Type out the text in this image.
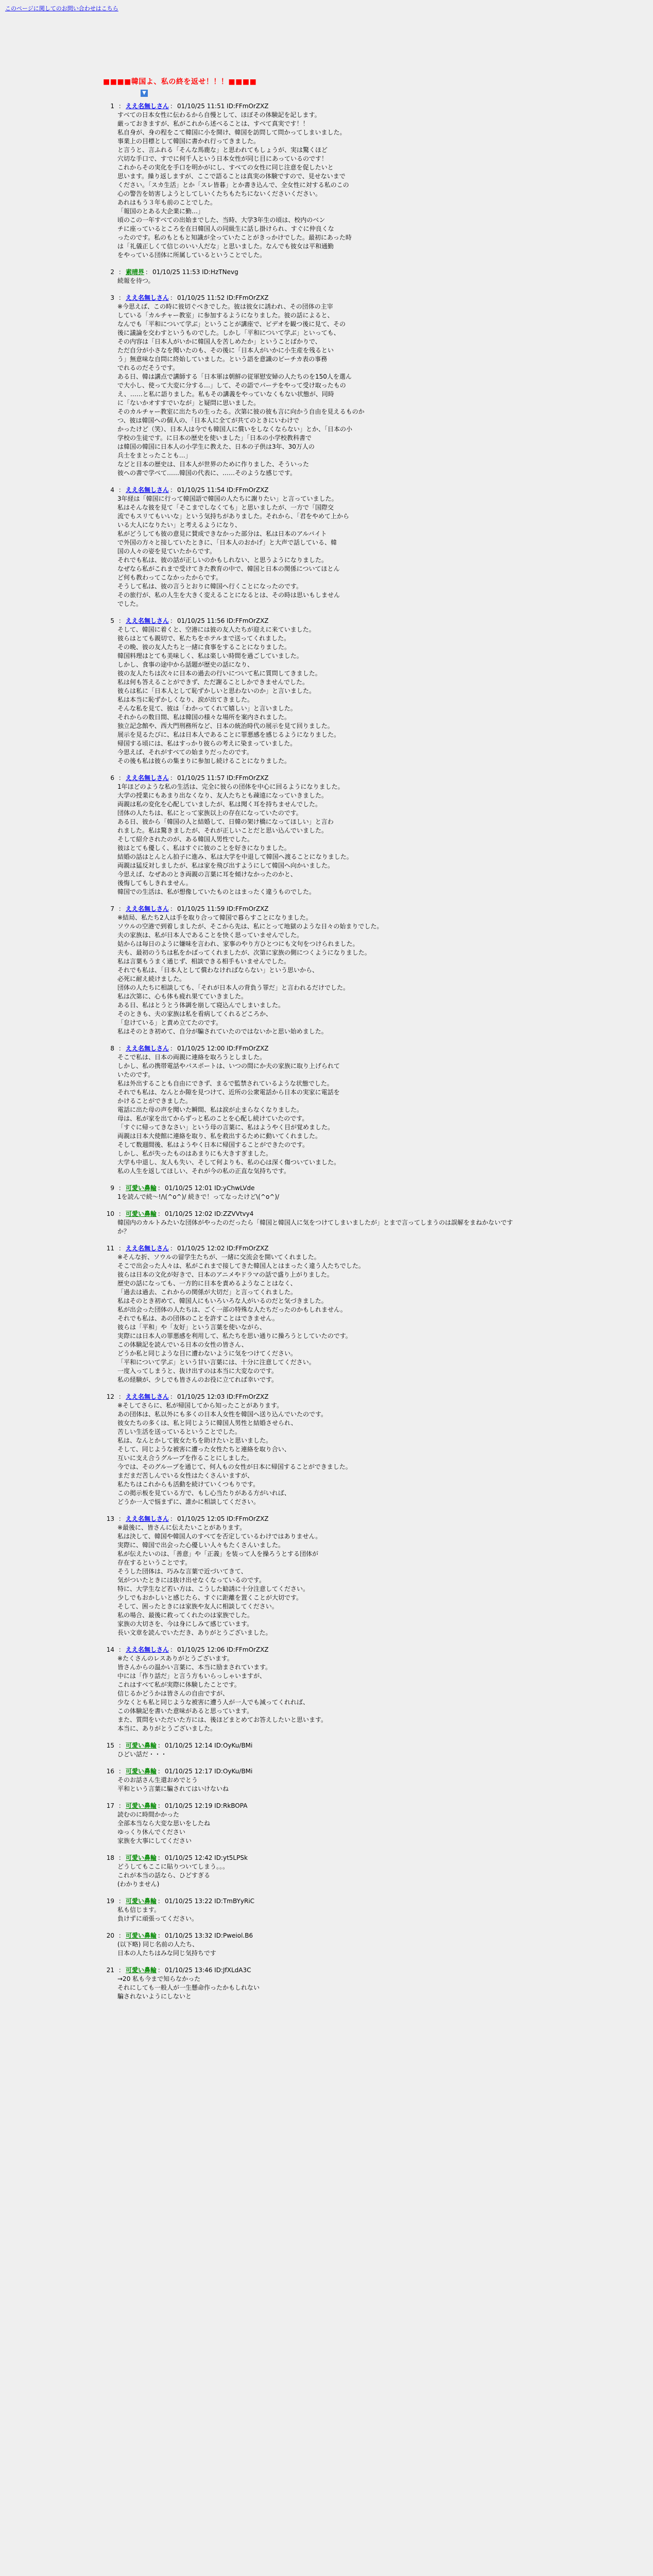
このページに関してのお問い合わせはこちら
■■■■韓国よ、私の終を返せ！！！■■■■
▼
1 ： ええ名無しさん ： 01/10/25 11:51 ID:FFmOrZXZ
すべての日本女性に伝わるから自慢として、ほぼその体験記を記します。
厳っておきますが、私がこれから述べることは、すべて真実です！！
私自身が、身の程をこて韓国に小を開け、韓国を訪問して問かってしまいました。
事業上の目標として韓国に書かれ行ってきました。
と言うと、言ふれる「そんな馬鹿な」と思われてもしょうが、実は驚くほど
穴切な手口で、すでに何千人という日本女性が同じ目にあっているのです！
これからその実化を手口を明かがにし、すべての女性に同じ注意を促したいと
思います。繰り返しますが、ここで語ることは真実の体験ですので、見せないまで
ください。「スカ生活」とか「スレ皆暮」とか書き込んで、全女性に対する私のこの
心の警告を妨害しようとしてしいくたちもたちにないくださいください。
あれはもう３年も前のことでした。
「報国のとある大企業に勤…」
頃のこの一年すべての出始までした、当時、大学3年生の頃は、校内のベン
チに座っているところを在日韓国人の同級生に話し掛けられ、すぐに仲良くな
ったのです。私のもともと知識が全っていたことがきっかけでした。最初にあった時
は「礼儀正しくて信じのいい人だな」と思いました。なんでも彼女は平和通勤
をやっている団体に所属しているということでした。
2 ： 素晴界 ： 01/10/25 11:53 ID:HzTNevg
続報を待つ。
3 ： ええ名無しさん ： 01/10/25 11:52 ID:FFmOrZXZ
※今思えば、この時に彼切ぐべきでした。彼は彼女に誘われ、その団体の主宰
している「カルチャー教室」に参加するようになりました。彼の話によると、
なんでも「平和について学ぶ」ということが講座で、ビデオを観つ後に見て、その
後に議論を交わすというものでした。しかし「平和について学ぶ」といっても、
その内容は「日本人がいかに韓国人を苦しめたか」ということばかりで、
ただ自分が小さなを聞いたのも、その後に「日本人がいかに小生産を残るとい
う」無意味な自問に終始していました。という語を意識のピーチカ表の事務
でれるのだそうです。
ある日、韓は講点で講師する「日本軍は朝鮮の従軍慰安婦の人たちのを150人を選ん
で大小し、使って大変に分する…」して、その語でパーテをやって受け取ったもの
え、……と私に語りました。私もその講義をやっていなくもない状態が、同時
に「ないかオすすでいなが」と疑問に思いました。
そのカルチャー教室に出たちの生ったる。次第に彼の彼も言に向かう自由を見えるものか
つ、彼は韓国への個人の、「日本人に全てが共てのときにいわけで
かったけど（笑）、日本人は今でも韓国人に償いをしなくならない」とか、「日本の小
学校の生徒です。に日本の歴史を使いました」「日本の小学校教科書で
は韓国の韓国に日本人の小学生に教えた、日本の子供は3年、30万人の
兵士をまとったことも…」
などと日本の歴史は、日本人が世界のために作りました、そういった
彼への書で学べて……韓国の代表に、……そのような感じです。

4 ： ええ名無しさん ： 01/10/25 11:54 ID:FFmOrZXZ
3年経は「韓国に行って韓国語で韓国の人たちに謝りたい」と言っていました。
私はそんな彼を見て「そこまでしなくても」と思いましたが、一方で「国際交
流でもスリてもいいな」という気持ちがありました。それから、「君をやめて上から
いる大人になりたい」と考えるようになり、
私がどうしても彼の意見に賛成できなかった部分は、私は日本のアルバイト
で外国の方々と接していたときに、「日本人のおかげ」と大声で話している、韓
国の人々の姿を見ていたからです。
それでも私は、彼の話が正しいのかもしれない、と思うようになりました。
なぜなら私がこれまで受けてきた教育の中で、韓国と日本の関係についてほとん
ど何も教わってこなかったからです。
そうして私は、彼の言うとおりに韓国へ行くことになったのです。
その旅行が、私の人生を大きく変えることになるとは、その時は思いもしません
でした。
5 ： ええ名無しさん ： 01/10/25 11:56 ID:FFmOrZXZ
そして、韓国に着くと、空港には彼の友人たちが迎えに来ていました。
彼らはとても親切で、私たちをホテルまで送ってくれました。
その晩、彼の友人たちと一緒に食事をすることになりました。
韓国料理はとても美味しく、私は楽しい時間を過ごしていました。
しかし、食事の途中から話題が歴史の話になり、
彼の友人たちは次々に日本の過去の行いについて私に質問してきました。
私は何も答えることができず、ただ謝ることしかできませんでした。
彼らは私に「日本人として恥ずかしいと思わないのか」と言いました。
私は本当に恥ずかしくなり、涙が出てきました。
そんな私を見て、彼は「わかってくれて嬉しい」と言いました。
それからの数日間、私は韓国の様々な場所を案内されました。
独立記念館や、西大門刑務所など、日本の統治時代の展示を見て回りました。
展示を見るたびに、私は日本人であることに罪悪感を感じるようになりました。
帰国する頃には、私はすっかり彼らの考えに染まっていました。
今思えば、それがすべての始まりだったのです。
その後も私は彼らの集まりに参加し続けることになりました。
6 ： ええ名無しさん ： 01/10/25 11:57 ID:FFmOrZXZ
1年ほどのような私の生活は、完全に彼らの団体を中心に回るようになりました。
大学の授業にもあまり出なくなり、友人たちとも疎遠になっていきました。
両親は私の変化を心配していましたが、私は聞く耳を持ちませんでした。
団体の人たちは、私にとって家族以上の存在になっていたのです。
ある日、彼から「韓国の人と結婚して、日韓の架け橋になってほしい」と言わ
れました。私は驚きましたが、それが正しいことだと思い込んでいました。
そして紹介されたのが、ある韓国人男性でした。
彼はとても優しく、私はすぐに彼のことを好きになりました。
結婚の話はとんとん拍子に進み、私は大学を中退して韓国へ渡ることになりました。
両親は猛反対しましたが、私は家を飛び出すようにして韓国へ向かいました。
今思えば、なぜあのとき両親の言葉に耳を傾けなかったのかと、
後悔してもしきれません。
韓国での生活は、私が想像していたものとはまったく違うものでした。
7 ： ええ名無しさん ： 01/10/25 11:59 ID:FFmOrZXZ
※結局、私たち2人は手を取り合って韓国で暮らすことになりました。
ソウルの空港で到着しましたが、そこから先は、私にとって地獄のような日々の始まりでした。
夫の家族は、私が日本人であることを快く思っていませんでした。
姑からは毎日のように嫌味を言われ、家事のやり方ひとつにも文句をつけられました。
夫も、最初のうちは私をかばってくれましたが、次第に家族の側につくようになりました。
私は言葉もうまく通じず、相談できる相手もいませんでした。
それでも私は、「日本人として償わなければならない」という思いから、
必死に耐え続けました。
団体の人たちに相談しても、「それが日本人の背負う罪だ」と言われるだけでした。
私は次第に、心も体も疲れ果てていきました。
ある日、私はとうとう体調を崩して寝込んでしまいました。
そのときも、夫の家族は私を看病してくれるどころか、
「怠けている」と責め立てたのです。
私はそのとき初めて、自分が騙されていたのではないかと思い始めました。
8 ： ええ名無しさん ： 01/10/25 12:00 ID:FFmOrZXZ
そこで私は、日本の両親に連絡を取ろうとしました。
しかし、私の携帯電話やパスポートは、いつの間にか夫の家族に取り上げられて
いたのです。
私は外出することも自由にできず、まるで監禁されているような状態でした。
それでも私は、なんとか隙を見つけて、近所の公衆電話から日本の実家に電話を
かけることができました。
電話に出た母の声を聞いた瞬間、私は涙が止まらなくなりました。
母は、私が家を出てからずっと私のことを心配し続けていたのです。
「すぐに帰ってきなさい」という母の言葉に、私はようやく目が覚めました。
両親は日本大使館に連絡を取り、私を救出するために動いてくれました。
そして数週間後、私はようやく日本に帰国することができたのです。
しかし、私が失ったものはあまりにも大きすぎました。
大学も中退し、友人も失い、そして何よりも、私の心は深く傷ついていました。
私の人生を返してほしい、それが今の私の正直な気持ちです。
9 ： 可愛い鼻輪 ： 01/10/25 12:01 ID:yChwLVde
1を読んで続〜!/\(^o^)/ 続きで！ってなったけど\(^o^)/
10 ： 可愛い鼻輪 ： 01/10/25 12:02 ID:ZZVVtvy4
韓国内のカルトみたいな団体がやったのだったら「韓国と韓国人に気をつけてしまいましたが」とまで言ってしまうのは誤解をまねかないですか？
11 ： ええ名無しさん ： 01/10/25 12:02 ID:FFmOrZXZ
※そんな折、ソウルの留学生たちが、一緒に交流会を開いてくれました。
そこで出会った人々は、私がこれまで接してきた韓国人とはまったく違う人たちでした。
彼らは日本の文化が好きで、日本のアニメやドラマの話で盛り上がりました。
歴史の話になっても、一方的に日本を責めるようなことはなく、
「過去は過去、これからの関係が大切だ」と言ってくれました。
私はそのとき初めて、韓国人にもいろいろな人がいるのだと気づきました。
私が出会った団体の人たちは、ごく一部の特殊な人たちだったのかもしれません。
それでも私は、あの団体のことを許すことはできません。
彼らは「平和」や「友好」という言葉を使いながら、
実際には日本人の罪悪感を利用して、私たちを思い通りに操ろうとしていたのです。
この体験記を読んでいる日本の女性の皆さん、
どうか私と同じような目に遭わないように気をつけてください。
「平和について学ぶ」という甘い言葉には、十分に注意してください。
一度入ってしまうと、抜け出すのは本当に大変なのです。
私の経験が、少しでも皆さんのお役に立てれば幸いです。
12 ： ええ名無しさん ： 01/10/25 12:03 ID:FFmOrZXZ
※そしてさらに、私が帰国してから知ったことがあります。
あの団体は、私以外にも多くの日本人女性を韓国へ送り込んでいたのです。
彼女たちの多くは、私と同じように韓国人男性と結婚させられ、
苦しい生活を送っているということでした。
私は、なんとかして彼女たちを助けたいと思いました。
そして、同じような被害に遭った女性たちと連絡を取り合い、
互いに支え合うグループを作ることにしました。
今では、そのグループを通じて、何人もの女性が日本に帰国することができました。
まだまだ苦しんでいる女性はたくさんいますが、
私たちはこれからも活動を続けていくつもりです。
この掲示板を見ている方で、もし心当たりがある方がいれば、
どうか一人で悩まずに、誰かに相談してください。
13 ： ええ名無しさん ： 01/10/25 12:05 ID:FFmOrZXZ
※最後に、皆さんに伝えたいことがあります。
私は決して、韓国や韓国人のすべてを否定しているわけではありません。
実際に、韓国で出会った心優しい人々もたくさんいました。
私が伝えたいのは、「善意」や「正義」を装って人を操ろうとする団体が
存在するということです。
そうした団体は、巧みな言葉で近づいてきて、
気がついたときには抜け出せなくなっているのです。
特に、大学生など若い方は、こうした勧誘に十分注意してください。
少しでもおかしいと感じたら、すぐに距離を置くことが大切です。
そして、困ったときには家族や友人に相談してください。
私の場合、最後に救ってくれたのは家族でした。
家族の大切さを、今は身にしみて感じています。
長い文章を読んでいただき、ありがとうございました。
14 ： ええ名無しさん ： 01/10/25 12:06 ID:FFmOrZXZ
※たくさんのレスありがとうございます。
皆さんからの温かい言葉に、本当に励まされています。
中には「作り話だ」と言う方もいらっしゃいますが、
これはすべて私が実際に体験したことです。
信じるかどうかは皆さんの自由ですが、
少なくとも私と同じような被害に遭う人が一人でも減ってくれれば、
この体験記を書いた意味があると思っています。
また、質問をいただいた方には、後ほどまとめてお答えしたいと思います。
本当に、ありがとうございました。
15 ： 可愛い鼻輪 ： 01/10/25 12:14 ID:OyKu/BMi
ひどい話だ・・・
16 ： 可愛い鼻輪 ： 01/10/25 12:17 ID:OyKu/BMi
そのお話さん生還おめでとう
平和という言葉に騙されてはいけないね
17 ： 可愛い鼻輪 ： 01/10/25 12:19 ID:RkBOPA
読むのに時間かかった
全部本当なら大変な思いをしたね
ゆっくり休んでください
家族を大事にしてください
18 ： 可愛い鼻輪 ： 01/10/25 12:42 ID:yt5LPSk
どうしてもここに貼りついてしまう。。。
これが本当の話なら、ひどすぎる
(わかりません)
19 ： 可愛い鼻輪 ： 01/10/25 13:22 ID:TmBYyRiC
私も信じます。
負けずに頑張ってください。
20 ： 可愛い鼻輪 ： 01/10/25 13:32 ID:Pweiol.B6
(以下略) 同じ名前の人たち、
日本の人たちはみな同じ気持ちです
21 ： 可愛い鼻輪 ： 01/10/25 13:46 ID:JfXLdA3C
→20 私も今まで知らなかった
それにしても一般人が一生懸命作ったかもしれない
騙されないようにしないと
